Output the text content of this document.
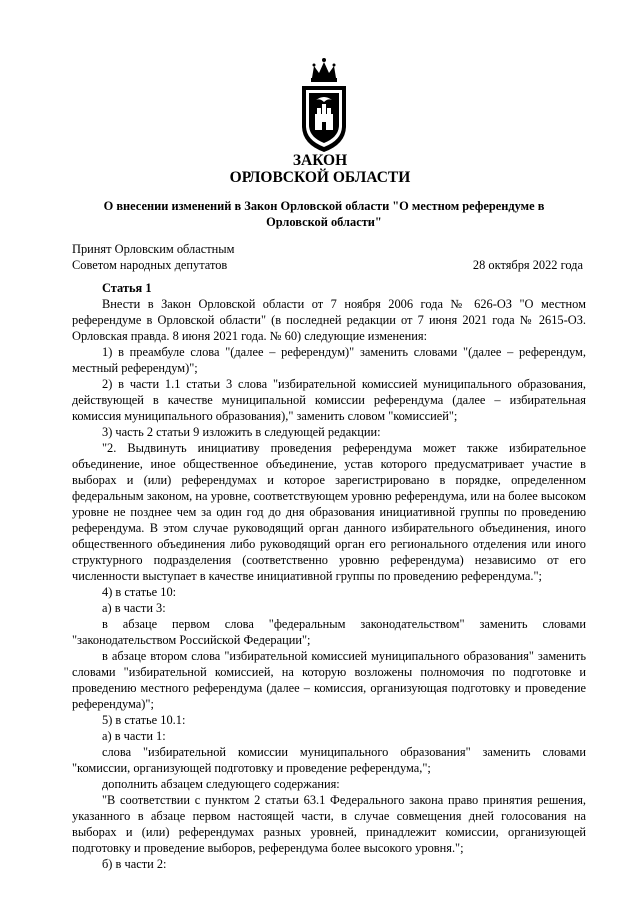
ЗАКОН
ОРЛОВСКОЙ ОБЛАСТИ
О внесении изменений в Закон Орловской области "О местном референдуме в Орловской области"
Принят Орловским областным
Советом народных депутатов	28 октября 2022 года

Статья 1

Внести в Закон Орловской области от 7 ноября 2006 года № 626-ОЗ "О местном референдуме в Орловской области" (в последней редакции от 7 июня 2021 года № 2615-ОЗ. Орловская правда. 8 июня 2021 года. № 60) следующие изменения:

1) в преамбуле слова "(далее – референдум)" заменить словами "(далее – референдум, местный референдум)";

2) в части 1.1 статьи 3 слова "избирательной комиссией муниципального образования, действующей в качестве муниципальной комиссии референдума (далее – избирательная комиссия муниципального образования)," заменить словом "комиссией";

3) часть 2 статьи 9 изложить в следующей редакции:

"2. Выдвинуть инициативу проведения референдума может также избирательное объединение, иное общественное объединение, устав которого предусматривает участие в выборах и (или) референдумах и которое зарегистрировано в порядке, определенном федеральным законом, на уровне, соответствующем уровню референдума, или на более высоком уровне не позднее чем за один год до дня образования инициативной группы по проведению референдума. В этом случае руководящий орган данного избирательного объединения, иного общественного объединения либо руководящий орган его регионального отделения или иного структурного подразделения (соответственно уровню референдума) независимо от его численности выступает в качестве инициативной группы по проведению референдума.";

4) в статье 10:

а) в части 3:

в абзаце первом слова "федеральным законодательством" заменить словами "законодательством Российской Федерации";

в абзаце втором слова "избирательной комиссией муниципального образования" заменить словами "избирательной комиссией, на которую возложены полномочия по подготовке и проведению местного референдума (далее – комиссия, организующая подготовку и проведение референдума)";

5) в статье 10.1:

а) в части 1:

слова "избирательной комиссии муниципального образования" заменить словами "комиссии, организующей подготовку и проведение референдума,";

дополнить абзацем следующего содержания:

"В соответствии с пунктом 2 статьи 63.1 Федерального закона право принятия решения, указанного в абзаце первом настоящей части, в случае совмещения дней голосования на выборах и (или) референдумах разных уровней, принадлежит комиссии, организующей подготовку и проведение выборов, референдума более высокого уровня.";

б) в части 2:
